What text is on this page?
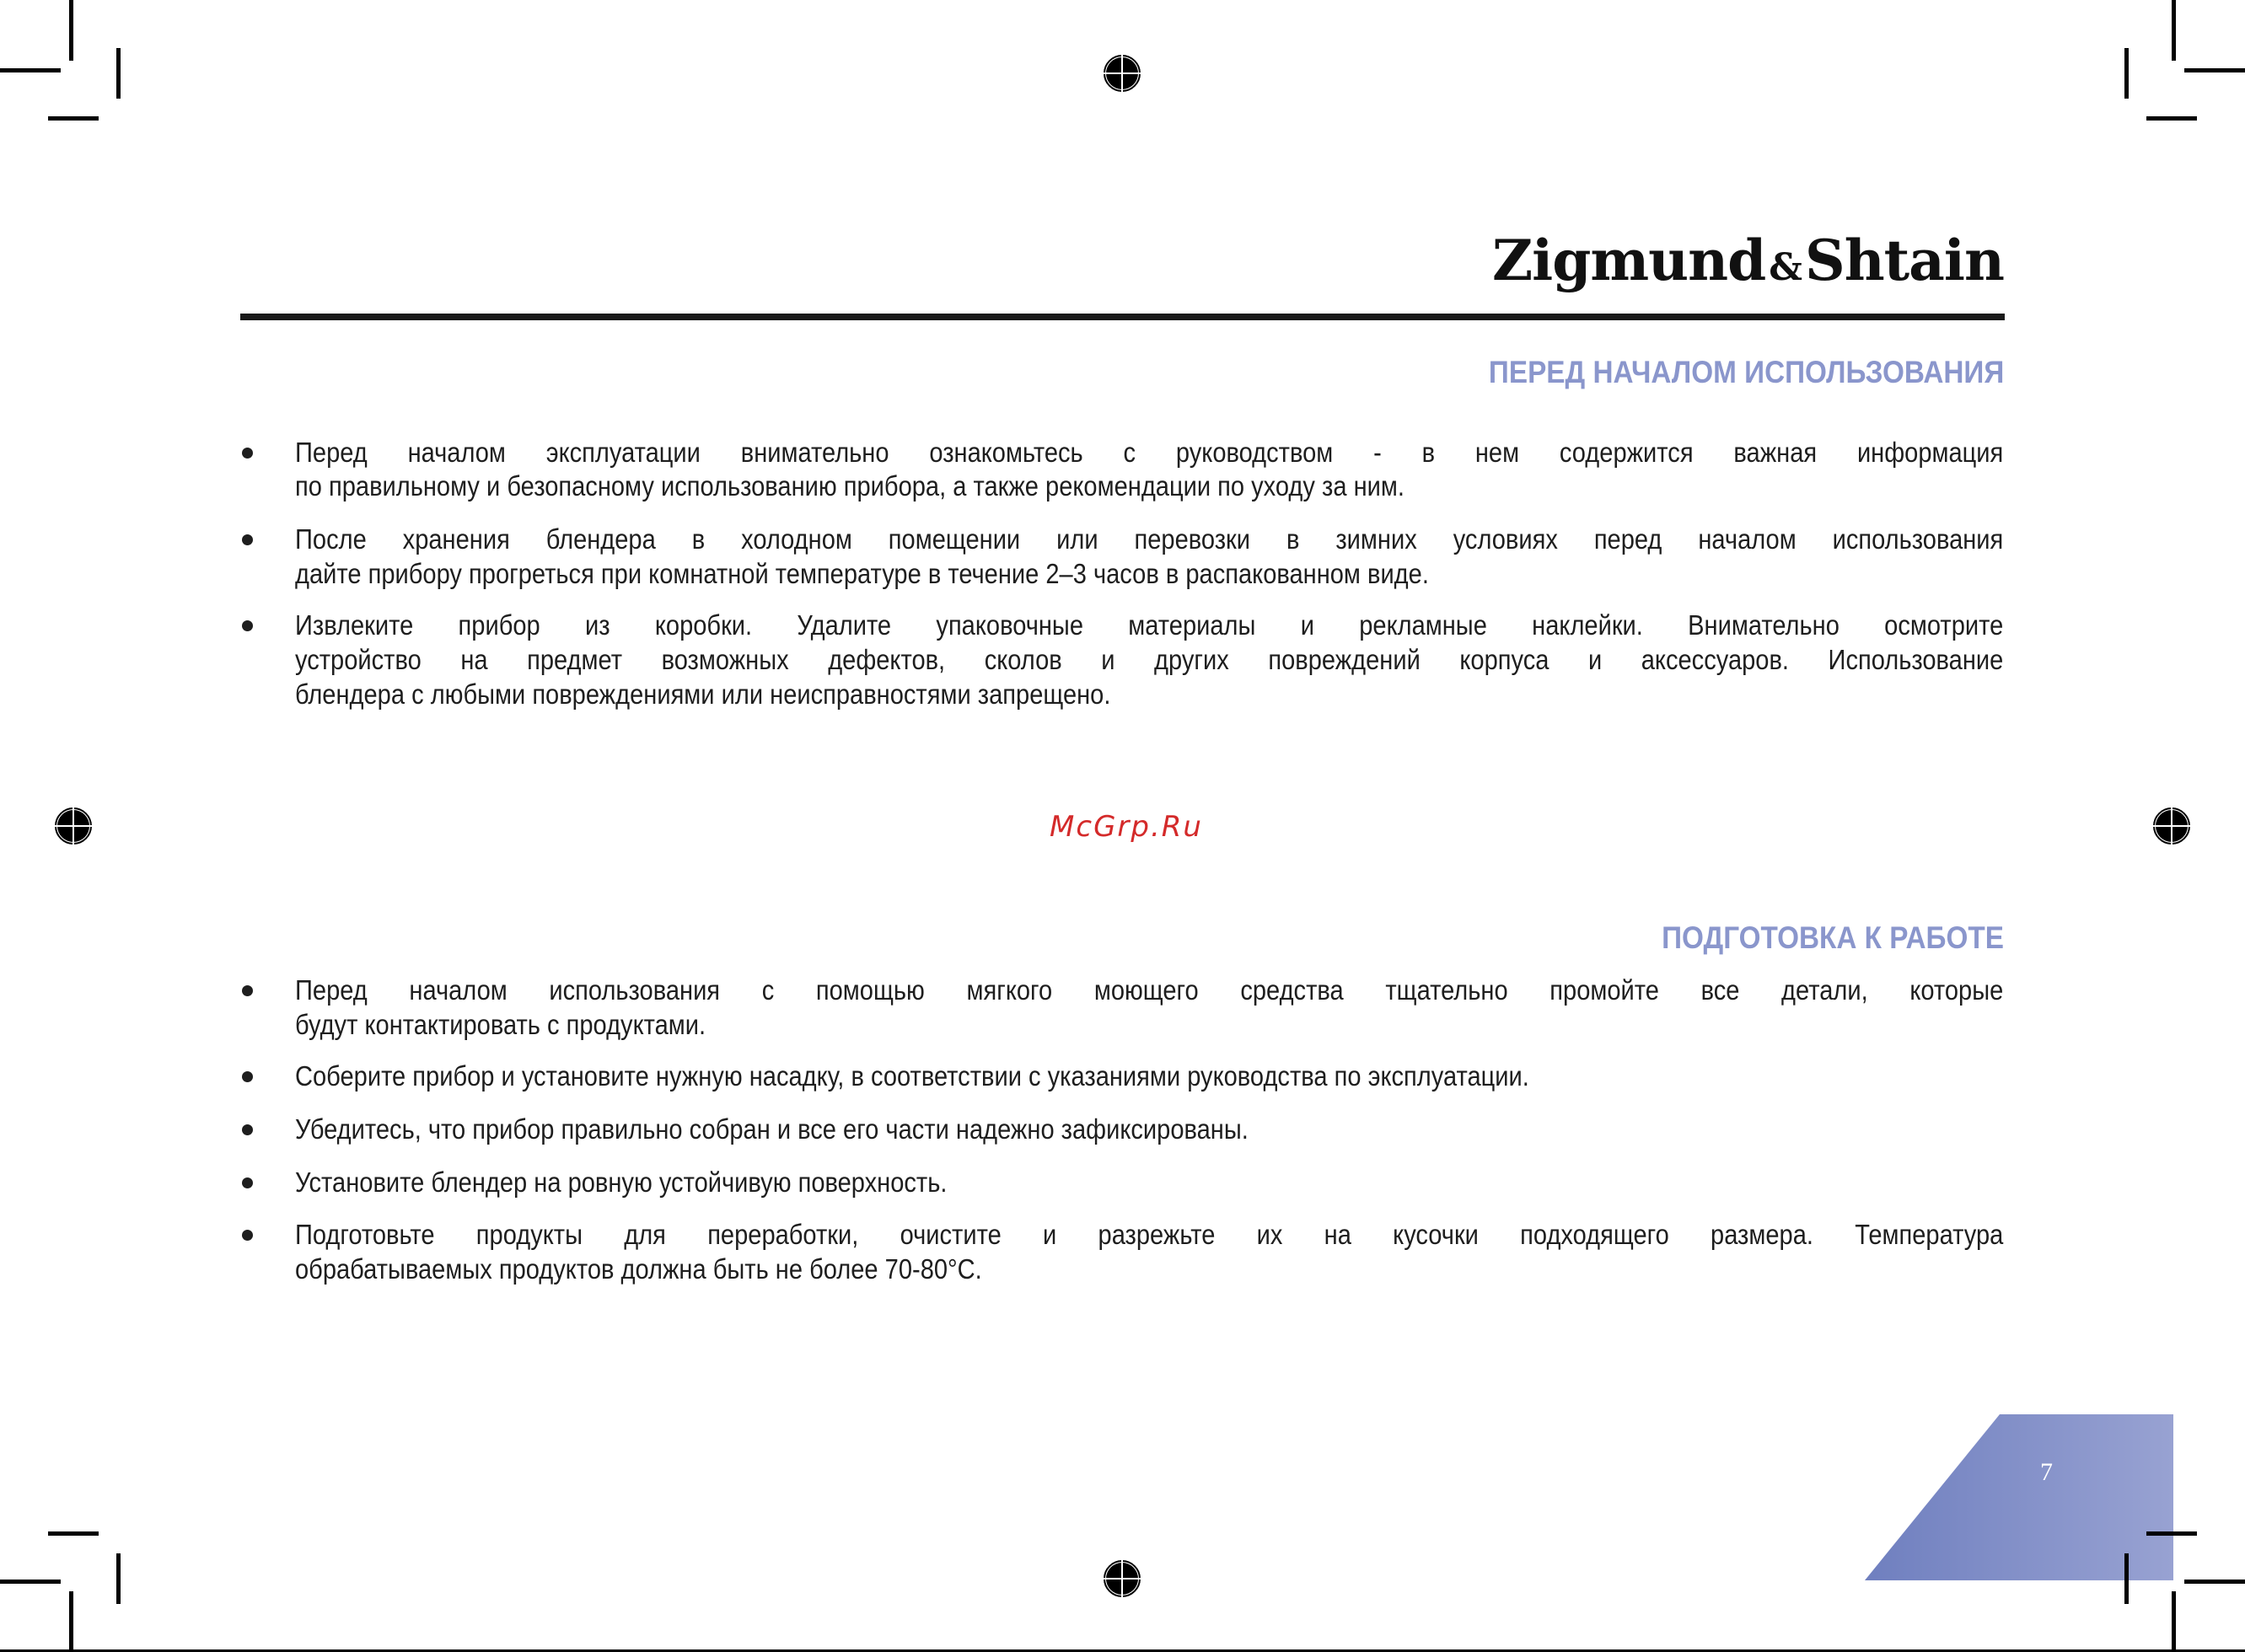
Zigmund&Shtain
ПЕРЕД НАЧАЛОМ ИСПОЛЬЗОВАНИЯ
Перед началом эксплуатации внимательно ознакомьтесь с руководством - в нем содержится важная информация
по правильному и безопасному использованию прибора, а также рекомендации по уходу за ним.
После хранения блендера в холодном помещении или перевозки в зимних условиях перед началом использования
дайте прибору прогреться при комнатной температуре в течение 2–3 часов в распакованном виде.
Извлеките прибор из коробки. Удалите упаковочные материалы и рекламные наклейки. Внимательно осмотрите
устройство на предмет возможных дефектов, сколов и других повреждений корпуса и аксессуаров. Использование
блендера с любыми повреждениями или неисправностями запрещено.
McGrp.Ru
ПОДГОТОВКА К РАБОТЕ
Перед началом использования с помощью мягкого моющего средства тщательно промойте все детали, которые
будут контактировать с продуктами.
Соберите прибор и установите нужную насадку, в соответствии с указаниями руководства по эксплуатации.
Убедитесь, что прибор правильно собран и все его части надежно зафиксированы.
Установите блендер на ровную устойчивую поверхность.
Подготовьте продукты для переработки, очистите и разрежьте их на кусочки подходящего размера. Температура
обрабатываемых продуктов должна быть не более 70-80°С.
7
